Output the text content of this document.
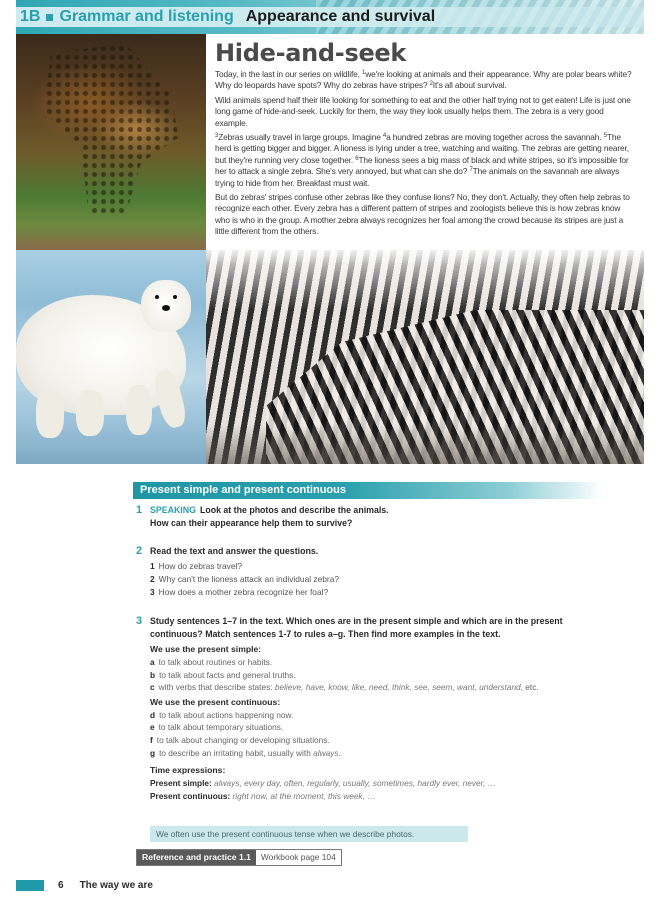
1B Grammar and listening Appearance and survival
Hide-and-seek

Today, in the last in our series on wildlife, $^1$we're looking at animals and their appearance. Why are polar bears white? Why do leopards have spots? Why do zebras have stripes? $^2$It's all about survival.

Wild animals spend half their life looking for something to eat and the other half trying not to get eaten! Life is just one long game of hide-and-seek. Luckily for them, the way they look usually helps them. The zebra is a very good example.

$^3$Zebras usually travel in large groups. Imagine $^4$a hundred zebras are moving together across the savannah. $^5$The herd is getting bigger and bigger. A lioness is lying under a tree, watching and waiting. The zebras are getting nearer, but they're running very close together. $^6$The lioness sees a big mass of black and white stripes, so it's impossible for her to attack a single zebra. She's very annoyed, but what can she do? $^7$The animals on the savannah are always trying to hide from her. Breakfast must wait.

But do zebras' stripes confuse other zebras like they confuse lions? No, they don't. Actually, they often help zebras to recognize each other. Every zebra has a different pattern of stripes and zoologists believe this is how zebras know who is who in the group. A mother zebra always recognizes her foal among the crowd because its stripes are just a little different from the others.

Present simple and present continuous
1 SPEAKING Look at the photos and describe the animals.
How can their appearance help them to survive?
2 Read the text and answer the questions.
1 How do zebras travel?
2 Why can't the lioness attack an individual zebra?
3 How does a mother zebra recognize her foal?
3 Study sentences 1–7 in the text. Which ones are in the present simple and which are in the present continuous? Match sentences 1-7 to rules a–g. Then find more examples in the text.
We use the present simple:
a to talk about routines or habits.
b to talk about facts and general truths.
c with verbs that describe states: believe, have, know, like, need, think, see, seem, want, understand, etc.
We use the present continuous:
d to talk about actions happening now.
e to talk about temporary situations.
f to talk about changing or developing situations.
g to describe an irritating habit, usually with always.
Time expressions:
Present simple: always, every day, often, regularly, usually, sometimes, hardly ever, never, …
Present continuous: right now, at the moment, this week, …
We often use the present continuous tense when we describe photos.
Reference and practice 1.1	Workbook page 104
6 The way we are
